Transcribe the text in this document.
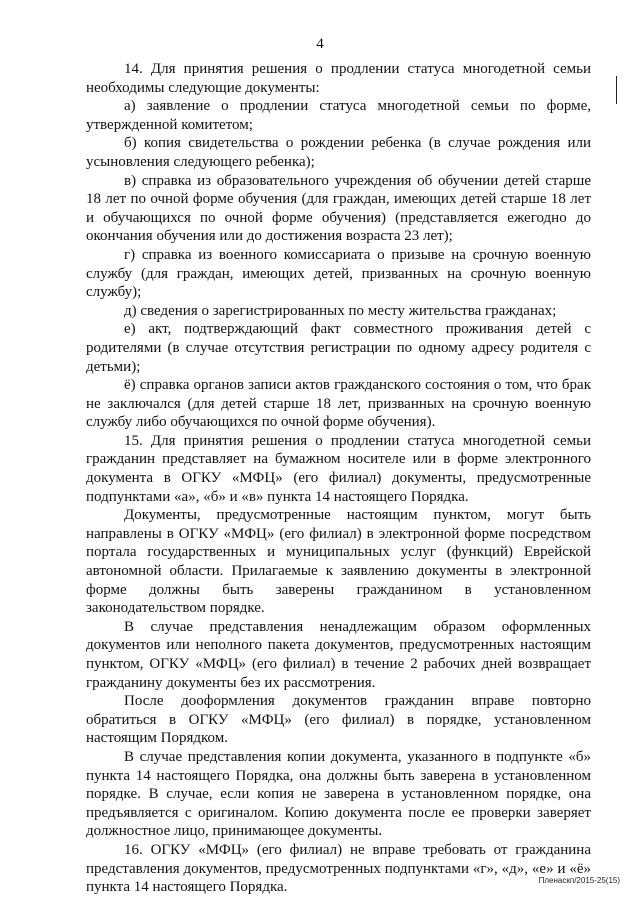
4

14. Для принятия решения о продлении статуса многодетной семьи необходимы следующие документы:

а) заявление о продлении статуса многодетной семьи по форме, утвержденной комитетом;

б) копия свидетельства о рождении ребенка (в случае рождения или усыновления следующего ребенка);

в) справка из образовательного учреждения об обучении детей старше 18 лет по очной форме обучения (для граждан, имеющих детей старше 18 лет и обучающихся по очной форме обучения) (представляется ежегодно до окончания обучения или до достижения возраста 23 лет);

г) справка из военного комиссариата о призыве на срочную военную службу (для граждан, имеющих детей, призванных на срочную военную службу);

д) сведения о зарегистрированных по месту жительства гражданах;

е) акт, подтверждающий факт совместного проживания детей с родителями (в случае отсутствия регистрации по одному адресу родителя с детьми);

ё) справка органов записи актов гражданского состояния о том, что брак не заключался (для детей старше 18 лет, призванных на срочную военную службу либо обучающихся по очной форме обучения).

15. Для принятия решения о продлении статуса многодетной семьи гражданин представляет на бумажном носителе или в форме электронного документа в ОГКУ «МФЦ» (его филиал) документы, предусмотренные подпунктами «а», «б» и «в» пункта 14 настоящего Порядка.

Документы, предусмотренные настоящим пунктом, могут быть направлены в ОГКУ «МФЦ» (его филиал) в электронной форме посредством портала государственных и муниципальных услуг (функций) Еврейской автономной области. Прилагаемые к заявлению документы в электронной форме должны быть заверены гражданином в установленном законодательством порядке.

В случае представления ненадлежащим образом оформленных документов или неполного пакета документов, предусмотренных настоящим пунктом, ОГКУ «МФЦ» (его филиал) в течение 2 рабочих дней возвращает гражданину документы без их рассмотрения.

После дооформления документов гражданин вправе повторно обратиться в ОГКУ «МФЦ» (его филиал) в порядке, установленном настоящим Порядком.

В случае представления копии документа, указанного в подпункте «б» пункта 14 настоящего Порядка, она должны быть заверена в установленном порядке. В случае, если копия не заверена в установленном порядке, она предъявляется с оригиналом. Копию документа после ее проверки заверяет должностное лицо, принимающее документы.

16. ОГКУ «МФЦ» (его филиал) не вправе требовать от гражданина представления документов, предусмотренных подпунктами «г», «д», «е» и «ё» пункта 14 настоящего Порядка.	Пленаскп/2015-25(15)
